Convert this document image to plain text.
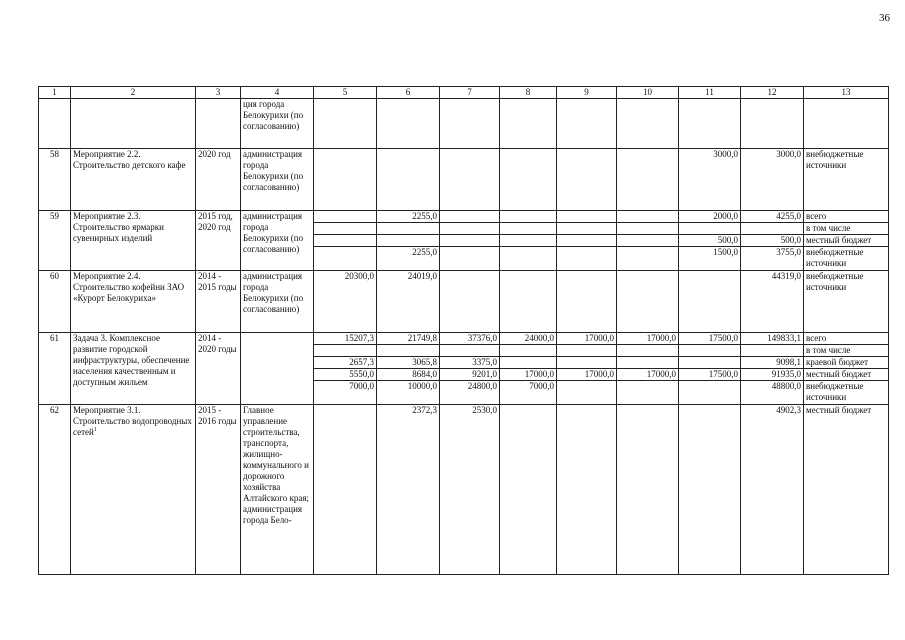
36
1	2	3	4	5	6	7	8	9	10	11	12	13
			ция города Белокурихи (по согласованию)									
58	Мероприятие 2.2. Строительство детского кафе	2020 год	администрация города Белокурихи (по согласованию)							3000,0	3000,0	внебюджетные источники
59	Мероприятие 2.3. Строительство ярмарки сувенирных изделий	2015 год, 2020 год	администрация города Белокурихи (по согласованию)		2255,0					2000,0	4255,0	всего
												в том числе
										500,0	500,0	местный бюджет
					2255,0					1500,0	3755,0	внебюджетные источники
60	Мероприятие 2.4. Строительство кофейни ЗАО «Курорт Белокуриха»	2014 - 2015 годы	администрация города Белокурихи (по согласованию)	20300,0	24019,0						44319,0	внебюджетные источники
61	Задача 3. Комплексное развитие городской инфраструктуры, обеспечение населения качественным и доступным жильем	2014 - 2020 годы		15207,3	21749,8	37376,0	24000,0	17000,0	17000,0	17500,0	149833,1	всего
												в том числе
				2657,3	3065,8	3375,0					9098,1	краевой бюджет
				5550,0	8684,0	9201,0	17000,0	17000,0	17000,0	17500,0	91935,0	местный бюджет
				7000,0	10000,0	24800,0	7000,0				48800,0	внебюджетные источники
62	Мероприятие 3.1. Строительство водопроводных сетей$^1$	2015 - 2016 годы	Главное управление строительства, транспорта, жилищно-коммунального и дорожного хозяйства Алтайского края; администрация города Бело-		2372,3	2530,0					4902,3	местный бюджет
